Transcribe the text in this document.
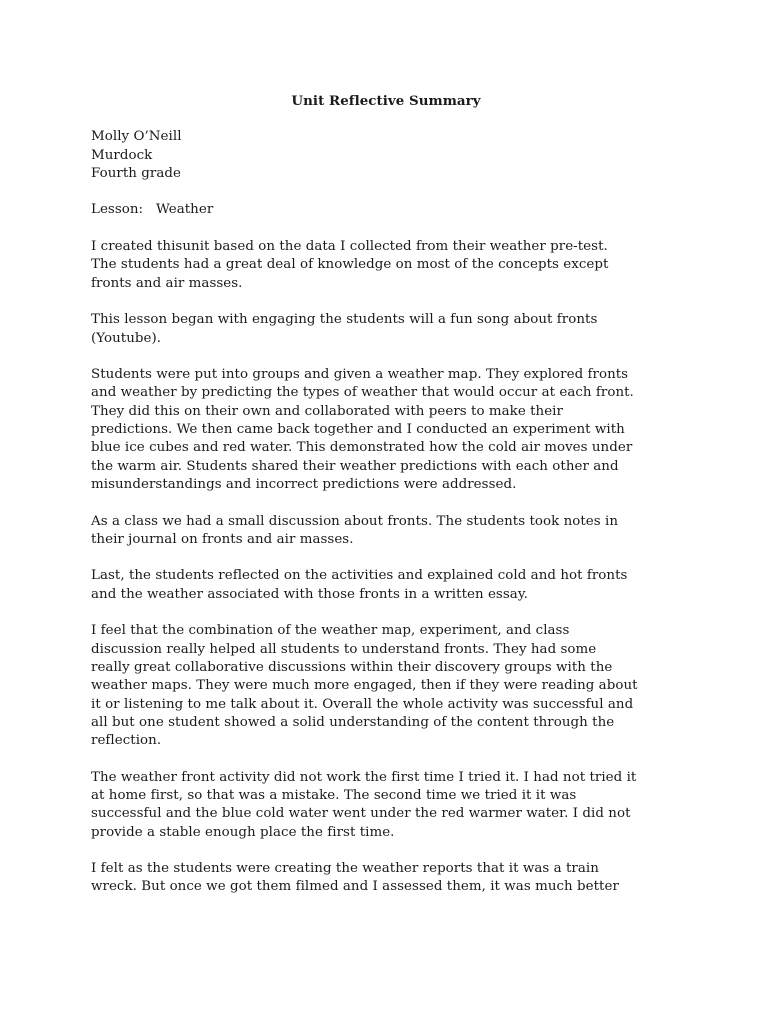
Unit Reflective Summary
Molly O’Neill
Murdock
Fourth grade
Lesson:   Weather
I created thisunit based on the data I collected from their weather pre-test.
The students had a great deal of knowledge on most of the concepts except
fronts and air masses.
This lesson began with engaging the students will a fun song about fronts
(Youtube).
Students were put into groups and given a weather map. They explored fronts
and weather by predicting the types of weather that would occur at each front.
They did this on their own and collaborated with peers to make their
predictions. We then came back together and I conducted an experiment with
blue ice cubes and red water. This demonstrated how the cold air moves under
the warm air. Students shared their weather predictions with each other and
misunderstandings and incorrect predictions were addressed.
As a class we had a small discussion about fronts. The students took notes in
their journal on fronts and air masses.
Last, the students reflected on the activities and explained cold and hot fronts
and the weather associated with those fronts in a written essay.
I feel that the combination of the weather map, experiment, and class
discussion really helped all students to understand fronts. They had some
really great collaborative discussions within their discovery groups with the
weather maps. They were much more engaged, then if they were reading about
it or listening to me talk about it. Overall the whole activity was successful and
all but one student showed a solid understanding of the content through the
reflection.
The weather front activity did not work the first time I tried it. I had not tried it
at home first, so that was a mistake. The second time we tried it it was
successful and the blue cold water went under the red warmer water. I did not
provide a stable enough place the first time.
I felt as the students were creating the weather reports that it was a train
wreck. But once we got them filmed and I assessed them, it was much better
